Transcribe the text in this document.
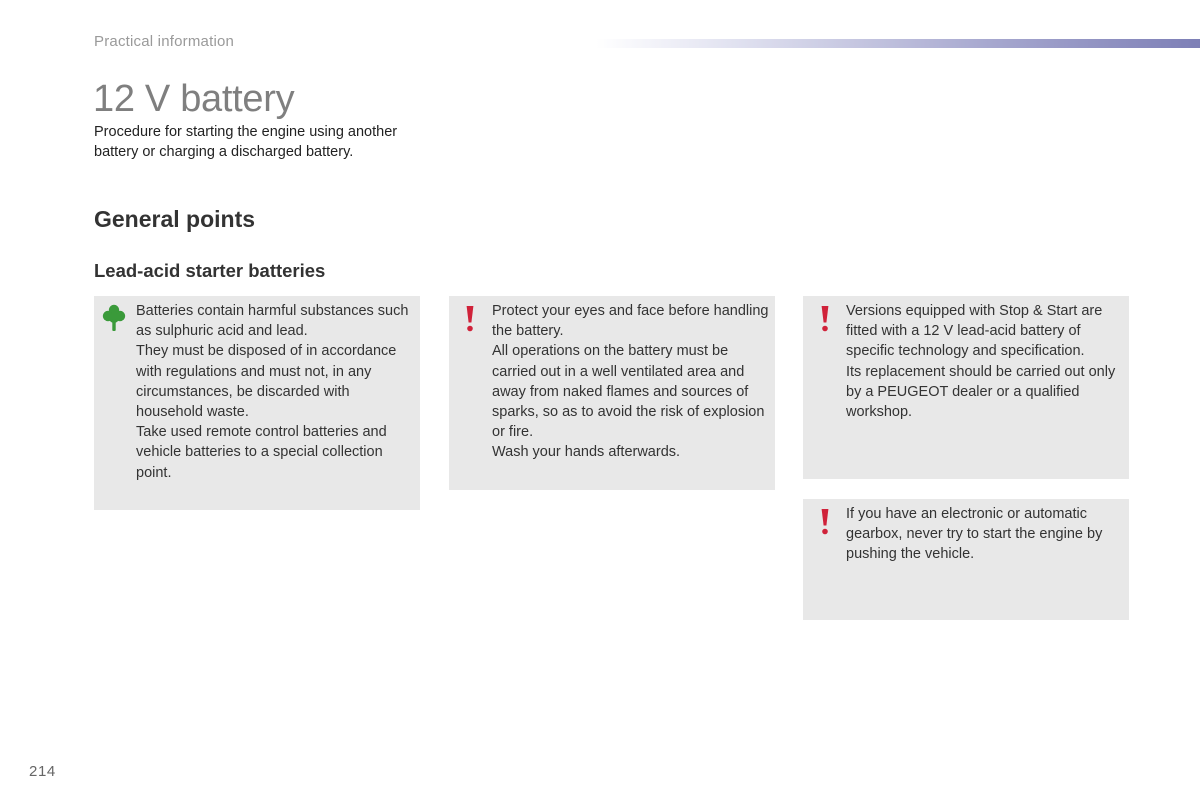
Practical information
12 V battery
Procedure for starting the engine using another battery or charging a discharged battery.
General points
Lead-acid starter batteries
Batteries contain harmful substances such as sulphuric acid and lead.
They must be disposed of in accordance with regulations and must not, in any circumstances, be discarded with household waste.
Take used remote control batteries and vehicle batteries to a special collection point.
Protect your eyes and face before handling the battery.
All operations on the battery must be carried out in a well ventilated area and away from naked flames and sources of sparks, so as to avoid the risk of explosion or fire.
Wash your hands afterwards.
Versions equipped with Stop & Start are fitted with a 12 V lead-acid battery of specific technology and specification.
Its replacement should be carried out only by a PEUGEOT dealer or a qualified workshop.
If you have an electronic or automatic gearbox, never try to start the engine by pushing the vehicle.
214
